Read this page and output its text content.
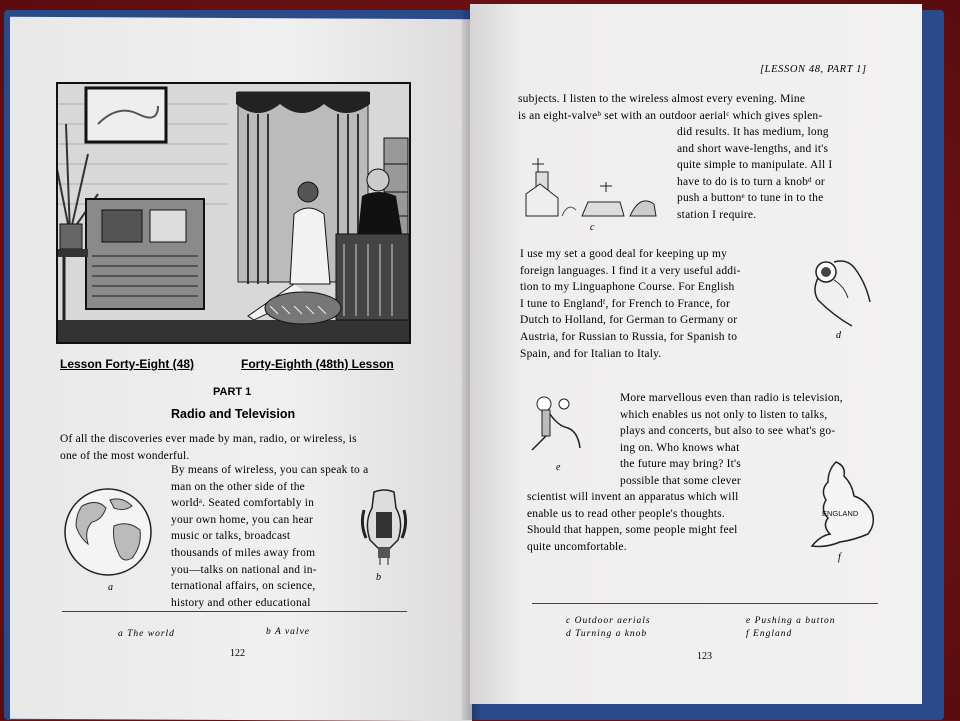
Lesson Forty-Eight (48)	Forty-Eighth (48th) Lesson
PART 1
Radio and Television
Of all the discoveries ever made by man, radio, or wireless, is
one of the most wonderful.
By means of wireless, you can speak to a
man on the other side of the
worldᵃ. Seated comfortably in
your own home, you can hear
music or talks, broadcast
thousands of miles away from
you—talks on national and in-
ternational affairs, on science,
history and other educational
a
b
a The world	b A valve
122
[LESSON 48, PART 1]
subjects. I listen to the wireless almost every evening. Mine
is an eight-valveᵇ set with an outdoor aerialᶜ which gives splen-
did results. It has medium, long
and short wave-lengths, and it's
quite simple to manipulate. All I
have to do is to turn a knobᵈ or
push a buttonᵉ to tune in to the
station I require.
c
I use my set a good deal for keeping up my
foreign languages. I find it a very useful addi-
tion to my Linguaphone Course. For English
I tune to Englandᶠ, for French to France, for
Dutch to Holland, for German to Germany or
Austria, for Russian to Russia, for Spanish to
Spain, and for Italian to Italy.
d
e
More marvellous even than radio is television,
which enables us not only to listen to talks,
plays and concerts, but also to see what's go-
ing on. Who knows what
the future may bring? It's
possible that some clever
scientist will invent an apparatus which will
enable us to read other people's thoughts.
Should that happen, some people might feel
quite uncomfortable.
ENGLAND
f
c Outdoor aerials
d Turning a knob
e Pushing a button
f England
123
